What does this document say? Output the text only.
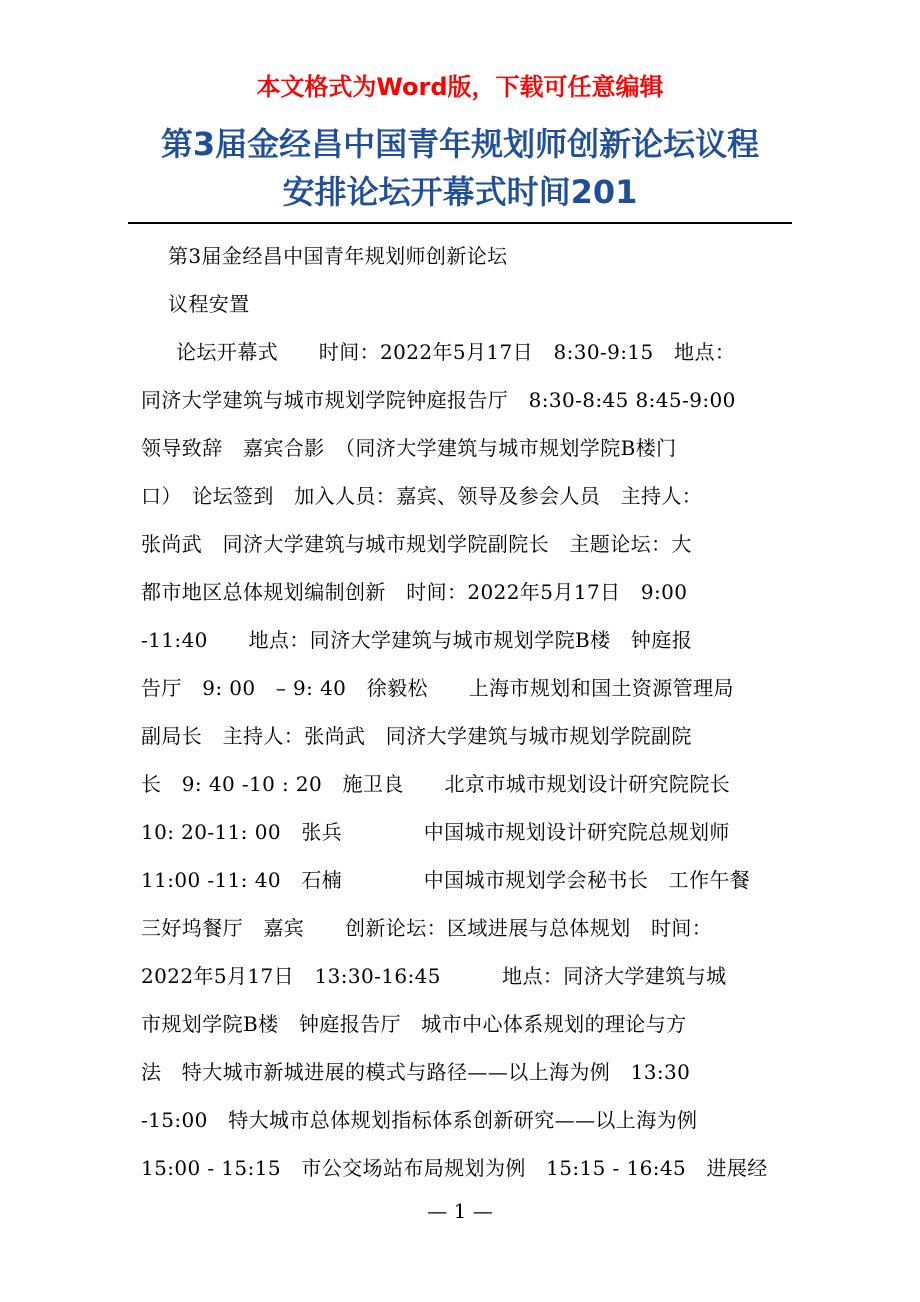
本文格式为Word版，下载可任意编辑
第3届金经昌中国青年规划师创新论坛议程
安排论坛开幕式时间201
第3届金经昌中国青年规划师创新论坛
议程安置
论坛开幕式　　时间：2022年5月17日　8:30-9:15　地点：
同济大学建筑与城市规划学院钟庭报告厅　8:30-8:45 8:45-9:00
领导致辞　嘉宾合影　（同济大学建筑与城市规划学院B楼门
口）　论坛签到　加入人员：嘉宾、领导及参会人员　主持人：
张尚武　同济大学建筑与城市规划学院副院长　主题论坛：大
都市地区总体规划编制创新　时间：2022年5月17日　9:00
-11:40　　地点：同济大学建筑与城市规划学院B楼　钟庭报
告厅　9: 00　– 9: 40　徐毅松　　上海市规划和国土资源管理局
副局长　主持人：张尚武　同济大学建筑与城市规划学院副院
长　9: 40 -10 : 20　施卫良　　北京市城市规划设计研究院院长
10: 20-11: 00　张兵　　　　中国城市规划设计研究院总规划师
11:00 -11: 40　石楠　　　　中国城市规划学会秘书长　工作午餐
三好坞餐厅　嘉宾　　创新论坛：区域进展与总体规划　时间：
2022年5月17日　13:30-16:45　　　地点：同济大学建筑与城
市规划学院B楼　钟庭报告厅　城市中心体系规划的理论与方
法　特大城市新城进展的模式与路径——以上海为例　13:30
-15:00　特大城市总体规划指标体系创新研究——以上海为例
15:00 - 15:15　市公交场站布局规划为例　15:15 - 16:45　进展经
— 1 —
